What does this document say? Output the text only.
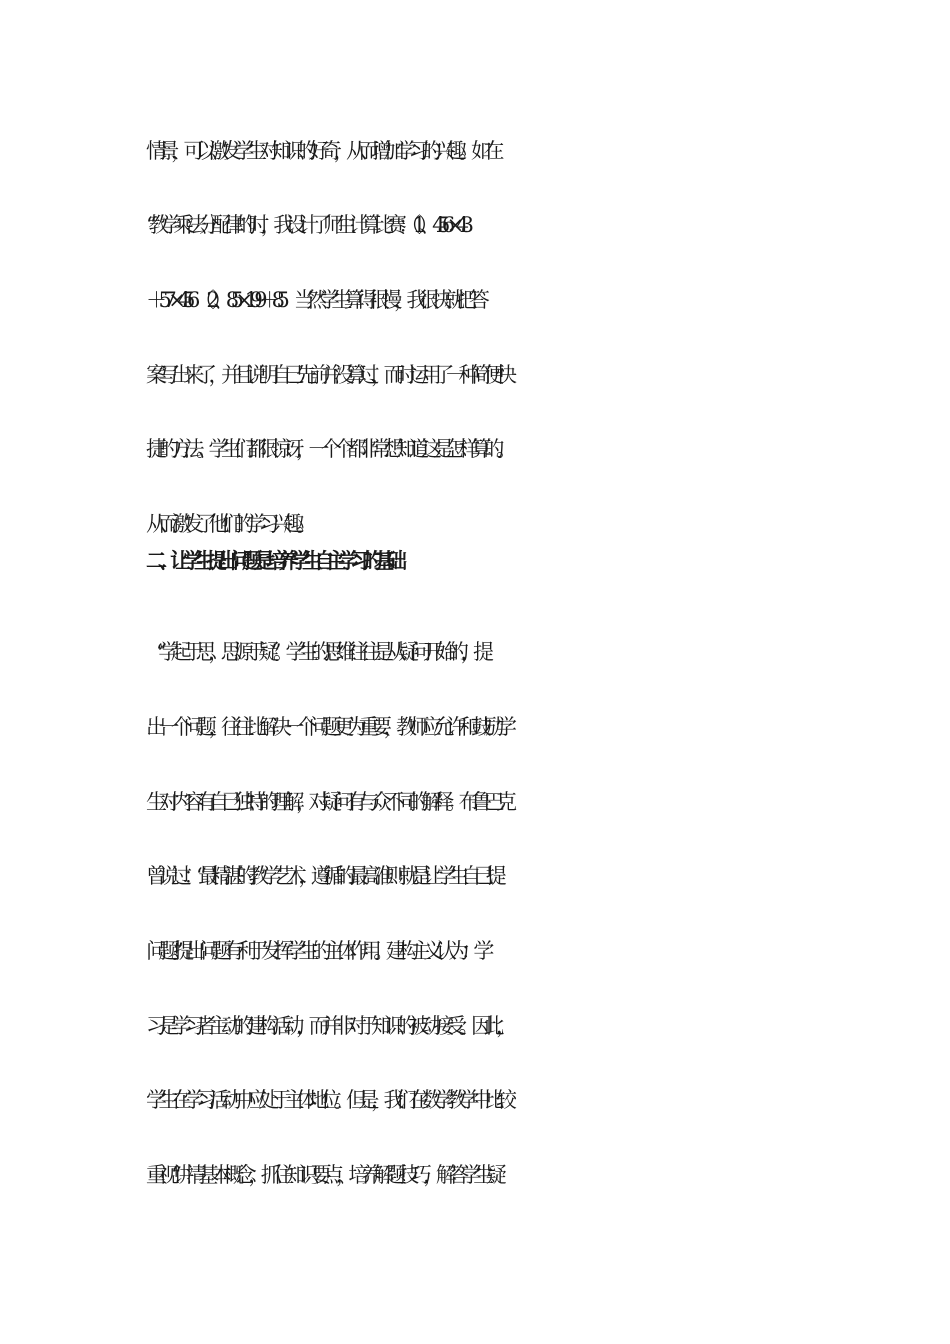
情景，可以激发学生对知识的好奇，从而增加学习的兴趣。如在
“教学乘法分配律的时，我设计了师生计算比赛：（1）、456×43
＋57×456　（2）、85×199＋85　当然学生算得很慢，我很快就把答
案写出来了，并且说明自己先前并没算过，而时运用了一种简便快
捷的方法。学生们都很惊讶，一个个都非常想知道这是怎样算的。
从而激发了他们的学习兴趣。
二、让学生提出问题是培养学生自主学习的基础
“学起于思，思源于疑”。学生的思维往往是从疑问开始的，提
出一个问题，往往比解决一个问题更为重要，教师应允许和鼓励学
生对内容有自己独特的理解，对疑问有与众不同的解释。布鲁巴克
曾说过：“最精湛的教学艺术，遵循的最高准则就是让学生自己提
问题。” 提出问题有利于发挥学生的主体作用。建构主义认为：学
习是学习者主动的建构活动，而并非对于知识的被动接受。因此，
学生在学习活动中应处于主体地位。但是，我们在数学教学中比较
重视“讲清基本概念，抓住知识要点，培养解题技巧，解答学生疑
